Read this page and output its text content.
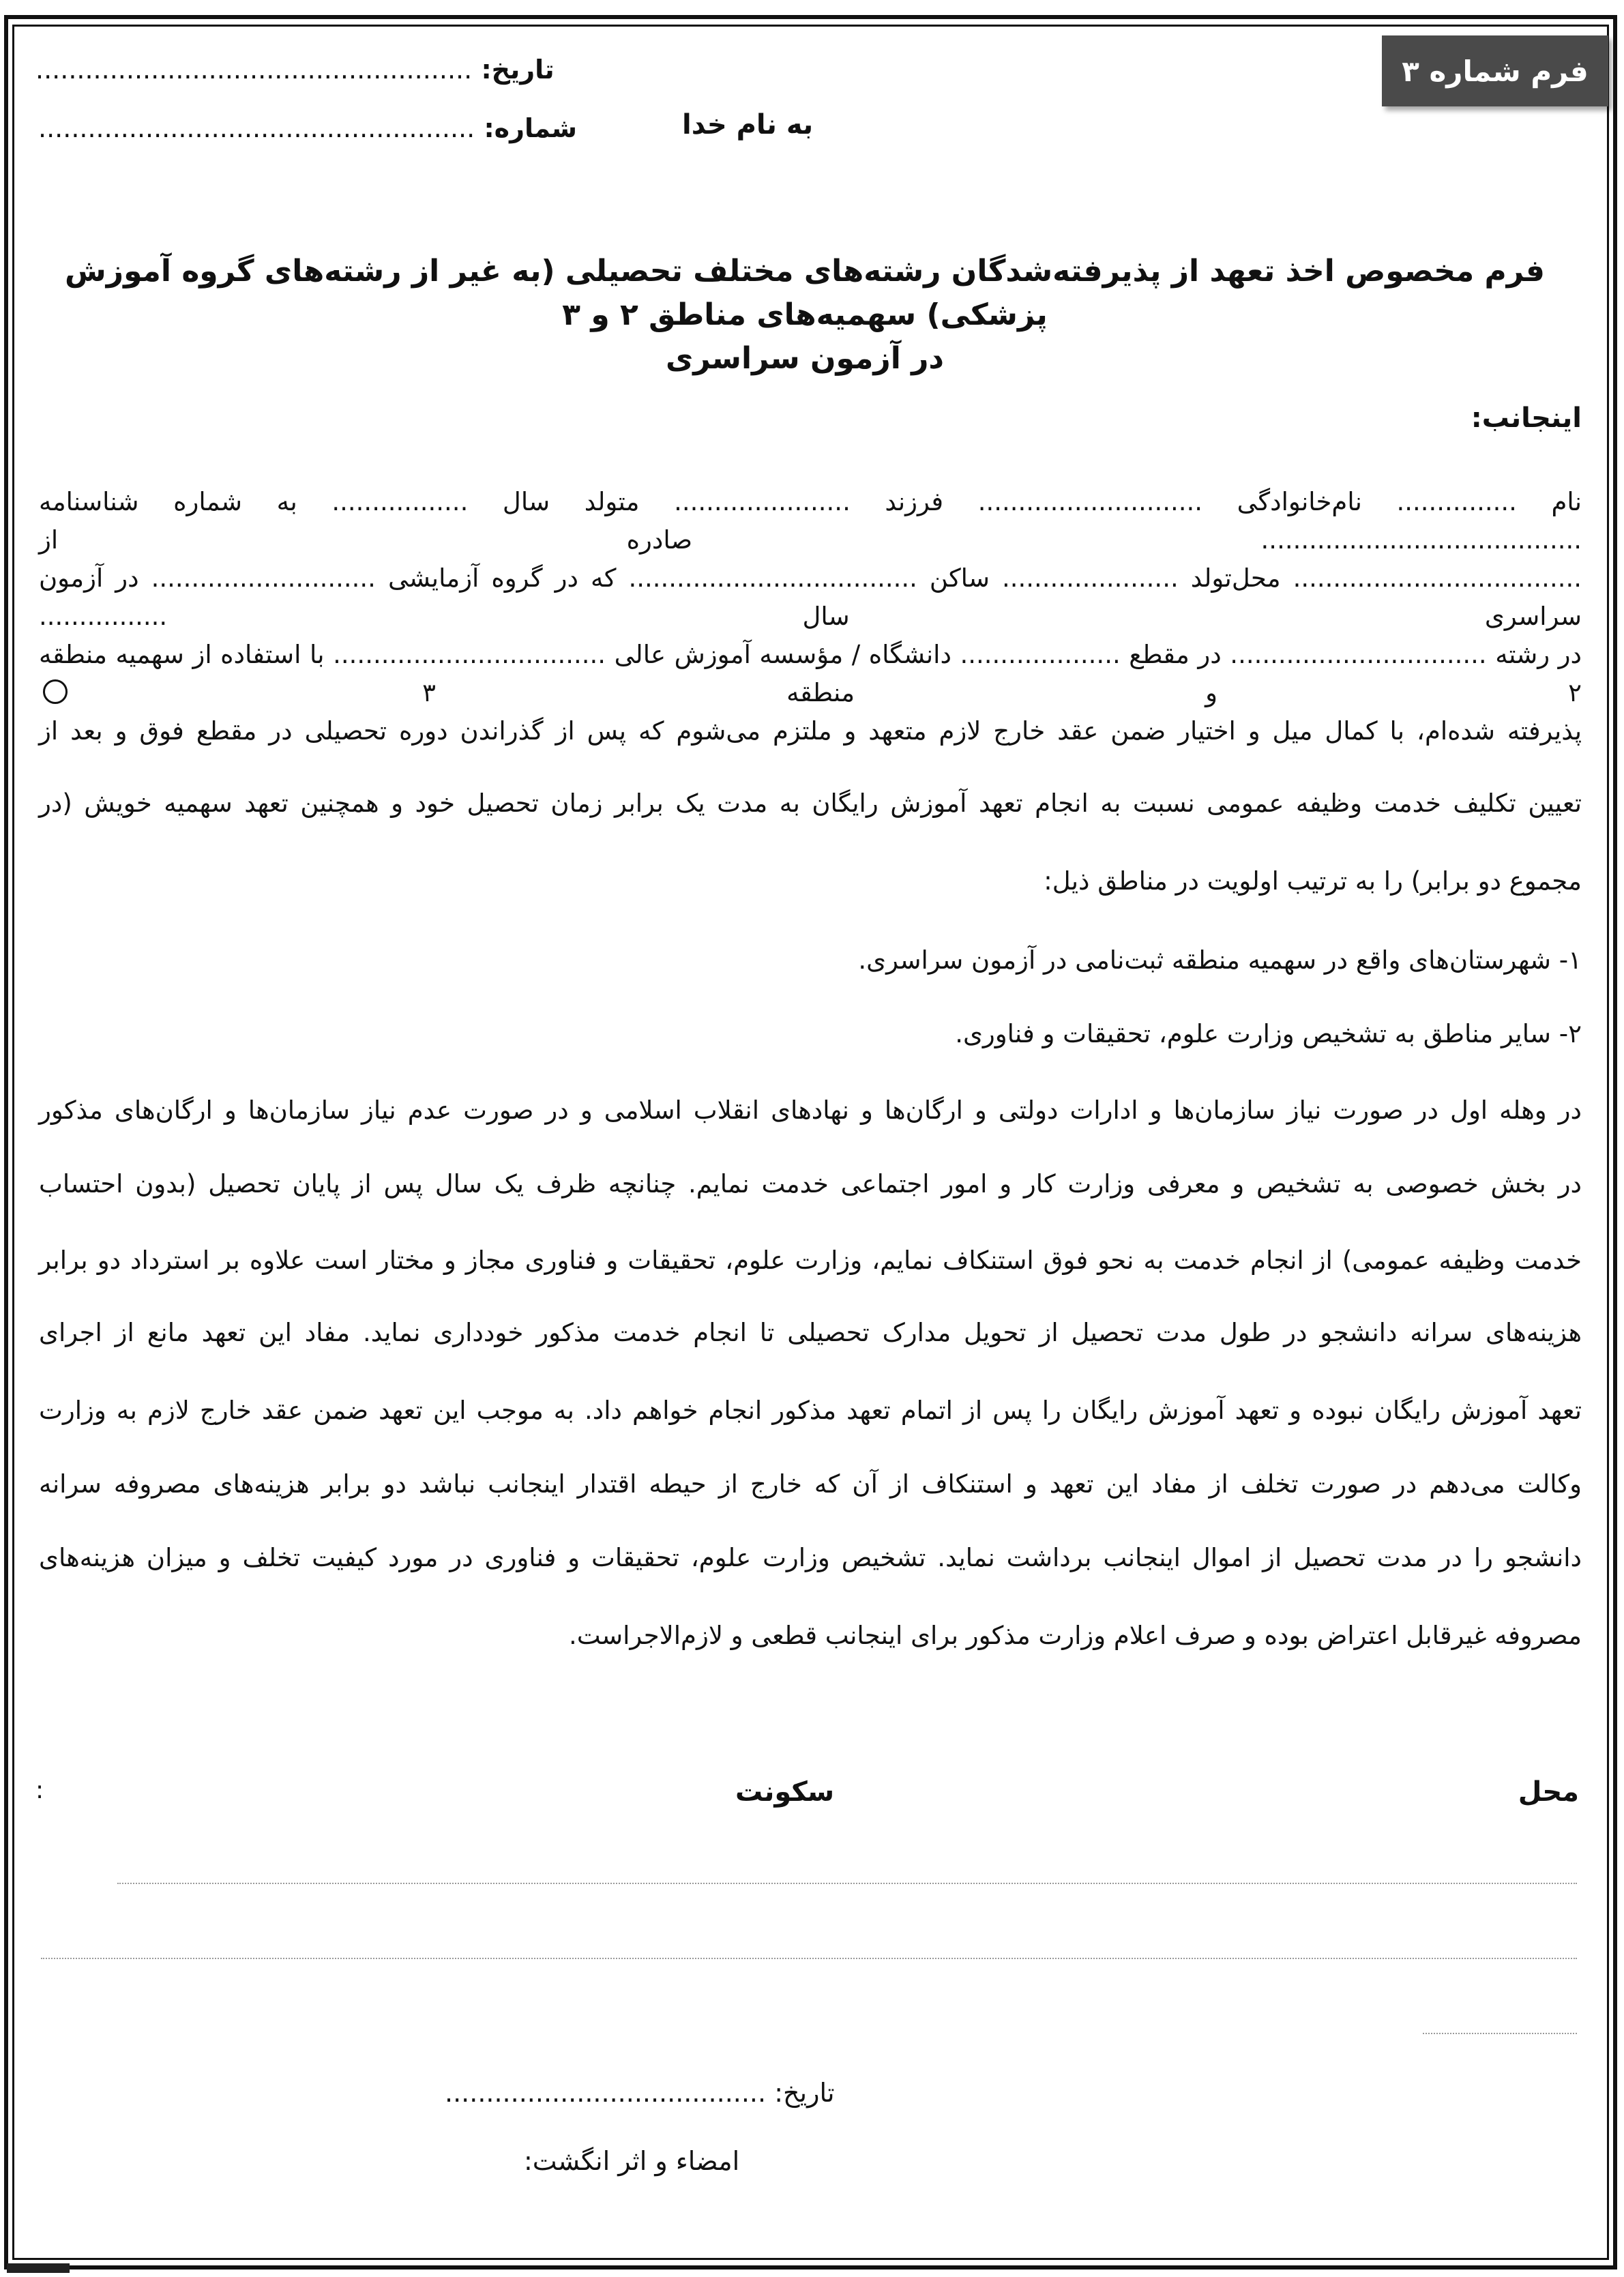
فرم شماره ۳
تاریخ: .....................................................
شماره: .....................................................	به نام خدا
فرم مخصوص اخذ تعهد از پذیرفته‌شدگان رشته‌های مختلف تحصیلی (به غیر از رشته‌های گروه آموزش پزشکی) سهمیه‌های مناطق ۲ و ۳
در آزمون سراسری
اینجانب:
نام ............... نام‌خانوادگی ............................ فرزند ...................... متولد سال ................. به شماره شناسنامه ........................................ صادره از
.................................... محل‌تولد ...................... ساکن .................................... که در گروه آزمایشی ............................ در آزمون سراسری سال ................
در رشته ................................ در مقطع .................... دانشگاه / مؤسسه آموزش عالی .................................. با استفاده از سهمیه منطقه ۲ و منطقه ۳
پذیرفته شده‌ام، با کمال میل و اختیار ضمن عقد خارج لازم متعهد و ملتزم می‌شوم که پس از گذراندن دوره تحصیلی در مقطع فوق و بعد از
تعیین تکلیف خدمت وظیفه عمومی نسبت به انجام تعهد آموزش رایگان به مدت یک برابر زمان تحصیل خود و همچنین تعهد سهمیه خویش (در
مجموع دو برابر) را به ترتیب اولویت در مناطق ذیل:
۱- شهرستان‌های واقع در سهمیه منطقه ثبت‌نامی در آزمون سراسری.
۲- سایر مناطق به تشخیص وزارت علوم، تحقیقات و فناوری.
در وهله اول در صورت نیاز سازمان‌ها و ادارات دولتی و ارگان‌ها و نهادهای انقلاب اسلامی و در صورت عدم نیاز سازمان‌ها و ارگان‌های مذکور
در بخش خصوصی به تشخیص و معرفی وزارت کار و امور اجتماعی خدمت نمایم. چنانچه ظرف یک سال پس از پایان تحصیل (بدون احتساب
خدمت وظیفه عمومی) از انجام خدمت به نحو فوق استنکاف نمایم، وزارت علوم، تحقیقات و فناوری مجاز و مختار است علاوه بر استرداد دو برابر
هزینه‌های سرانه دانشجو در طول مدت تحصیل از تحویل مدارک تحصیلی تا انجام خدمت مذکور خودداری نماید. مفاد این تعهد مانع از اجرای
تعهد آموزش رایگان نبوده و تعهد آموزش رایگان را پس از اتمام تعهد مذکور انجام خواهم داد. به موجب این تعهد ضمن عقد خارج لازم به وزارت
وکالت می‌دهم در صورت تخلف از مفاد این تعهد و استنکاف از آن که خارج از حیطه اقتدار اینجانب نباشد دو برابر هزینه‌های مصروفه سرانه
دانشجو را در مدت تحصیل از اموال اینجانب برداشت نماید. تشخیص وزارت علوم، تحقیقات و فناوری در مورد کیفیت تخلف و میزان هزینه‌های
مصروفه غیرقابل اعتراض بوده و صرف اعلام وزارت مذکور برای اینجانب قطعی و لازم‌الاجراست.
محل
سکونت
:
تاریخ: .......................................
امضاء و اثر انگشت:
